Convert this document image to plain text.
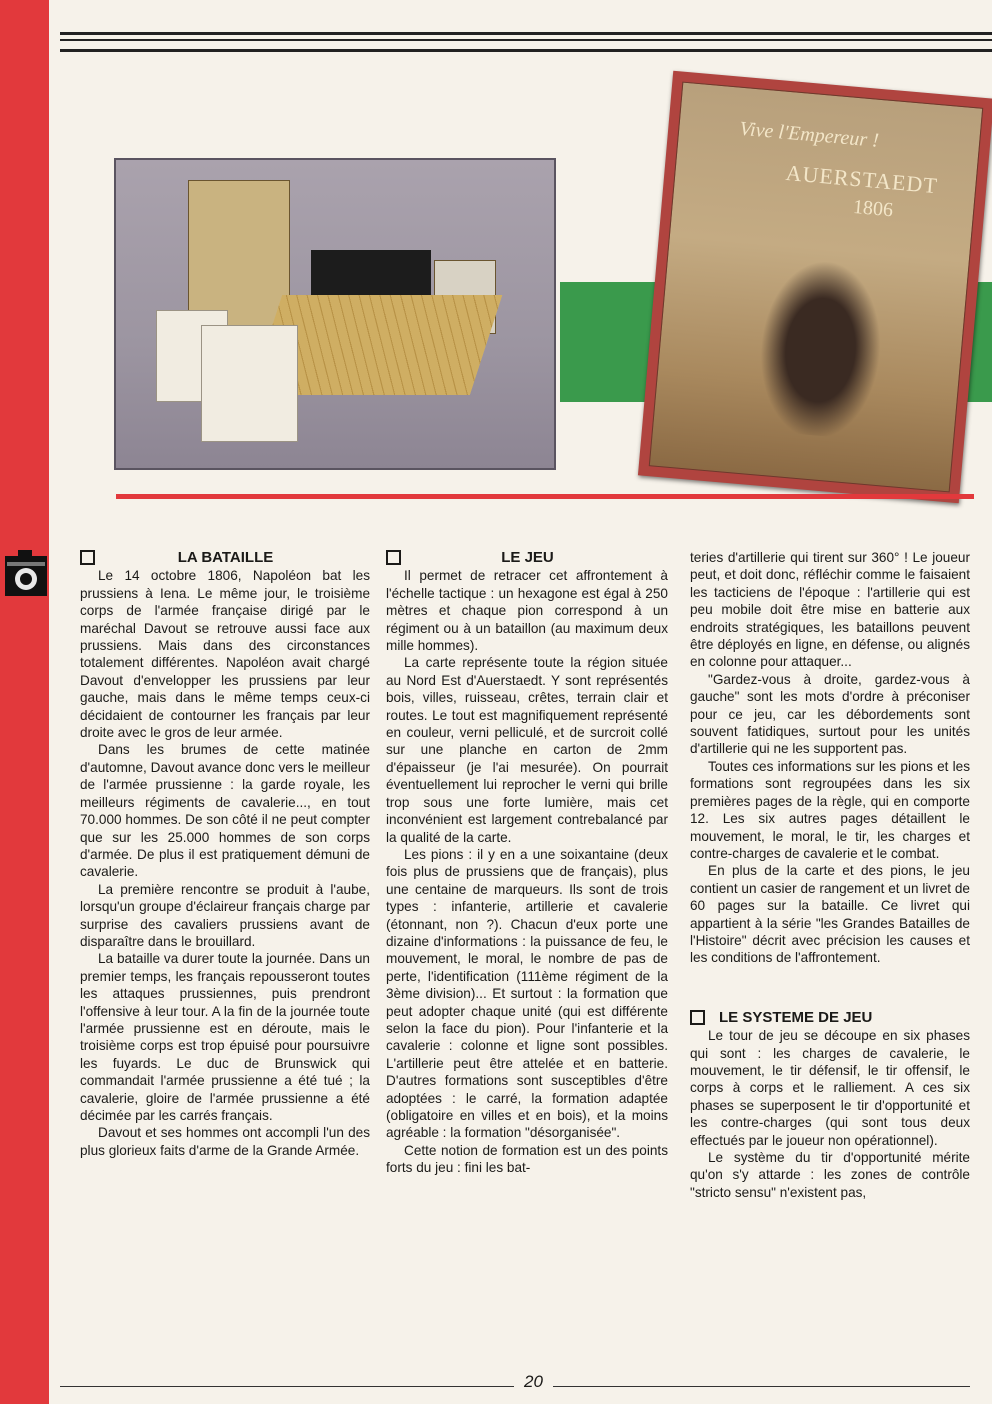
Vive l'Empereur !
AUERSTAEDT
1806
LA BATAILLE

Le 14 octobre 1806, Napoléon bat les prussiens à Iena. Le même jour, le troisième corps de l'armée française dirigé par le maréchal Davout se retrouve aussi face aux prussiens. Mais dans des circonstances totalement différentes. Napoléon avait chargé Davout d'envelopper les prussiens par leur gauche, mais dans le même temps ceux-ci décidaient de contourner les français par leur droite avec le gros de leur armée.

Dans les brumes de cette matinée d'automne, Davout avance donc vers le meilleur de l'armée prussienne : la garde royale, les meilleurs régiments de cavalerie..., en tout 70.000 hommes. De son côté il ne peut compter que sur les 25.000 hommes de son corps d'armée. De plus il est pratiquement démuni de cavalerie.

La première rencontre se produit à l'aube, lorsqu'un groupe d'éclaireur français charge par surprise des cavaliers prussiens avant de disparaître dans le brouillard.

La bataille va durer toute la journée. Dans un premier temps, les français repousseront toutes les attaques prussiennes, puis prendront l'offensive à leur tour. A la fin de la journée toute l'armée prussienne est en déroute, mais le troisième corps est trop épuisé pour poursuivre les fuyards. Le duc de Brunswick qui commandait l'armée prussienne a été tué ; la cavalerie, gloire de l'armée prussienne a été décimée par les carrés français.

Davout et ses hommes ont accompli l'un des plus glorieux faits d'arme de la Grande Armée.

LE JEU

Il permet de retracer cet affrontement à l'échelle tactique : un hexagone est égal à 250 mètres et chaque pion correspond à un régiment ou à un bataillon (au maximum deux mille hommes).

La carte représente toute la région située au Nord Est d'Auerstaedt. Y sont représentés bois, villes, ruisseau, crêtes, terrain clair et routes. Le tout est magnifiquement représenté en couleur, verni pelliculé, et de surcroit collé sur une planche en carton de 2mm d'épaisseur (je l'ai mesurée). On pourrait éventuellement lui reprocher le verni qui brille trop sous une forte lumière, mais cet inconvénient est largement contrebalancé par la qualité de la carte.

Les pions : il y en a une soixantaine (deux fois plus de prussiens que de français), plus une centaine de marqueurs. Ils sont de trois types : infanterie, artillerie et cavalerie (étonnant, non ?). Chacun d'eux porte une dizaine d'informations : la puissance de feu, le mouvement, le moral, le nombre de pas de perte, l'identification (111ème régiment de la 3ème division)... Et surtout : la formation que peut adopter chaque unité (qui est différente selon la face du pion). Pour l'infanterie et la cavalerie : colonne et ligne sont possibles. L'artillerie peut être attelée et en batterie. D'autres formations sont susceptibles d'être adoptées : le carré, la formation adaptée (obligatoire en villes et en bois), et la moins agréable : la formation "désorganisée".

Cette notion de formation est un des points forts du jeu : fini les bat-

teries d'artillerie qui tirent sur 360° ! Le joueur peut, et doit donc, réfléchir comme le faisaient les tacticiens de l'époque : l'artillerie qui est peu mobile doit être mise en batterie aux endroits stratégiques, les bataillons peuvent être déployés en ligne, en défense, ou alignés en colonne pour attaquer...

"Gardez-vous à droite, gardez-vous à gauche" sont les mots d'ordre à préconiser pour ce jeu, car les débordements sont souvent fatidiques, surtout pour les unités d'artillerie qui ne les supportent pas.

Toutes ces informations sur les pions et les formations sont regroupées dans les six premières pages de la règle, qui en comporte 12. Les six autres pages détaillent le mouvement, le moral, le tir, les charges et contre-charges de cavalerie et le combat.

En plus de la carte et des pions, le jeu contient un casier de rangement et un livret de 60 pages sur la bataille. Ce livret qui appartient à la série "les Grandes Batailles de l'Histoire" décrit avec précision les causes et les conditions de l'affrontement.

LE SYSTEME DE JEU

Le tour de jeu se découpe en six phases qui sont : les charges de cavalerie, le mouvement, le tir défensif, le tir offensif, le corps à corps et le ralliement. A ces six phases se superposent le tir d'opportunité et les contre-charges (qui sont tous deux effectués par le joueur non opérationnel).

Le système du tir d'opportunité mérite qu'on s'y attarde : les zones de contrôle "stricto sensu" n'existent pas,

20
